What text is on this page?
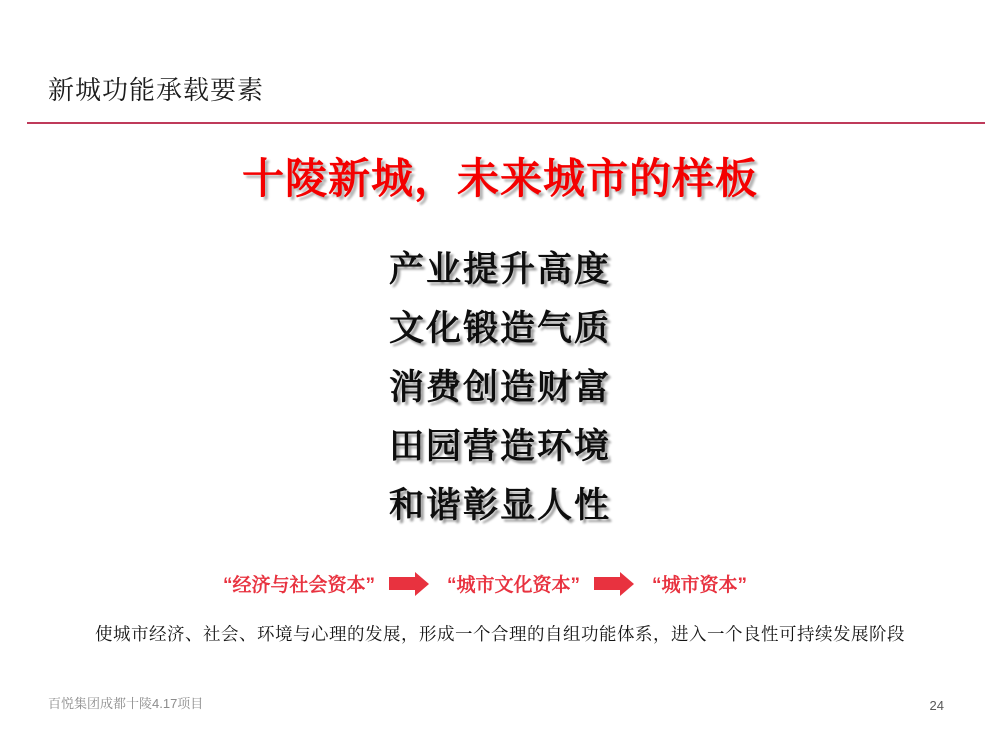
新城功能承载要素
十陵新城，未来城市的样板
产业提升高度
文化锻造气质
消费创造财富
田园营造环境
和谐彰显人性
“经济与社会资本”	“城市文化资本”	“城市资本”
使城市经济、社会、环境与心理的发展，形成一个合理的自组功能体系，进入一个良性可持续发展阶段
百悦集团成都十陵4.17项目	24
